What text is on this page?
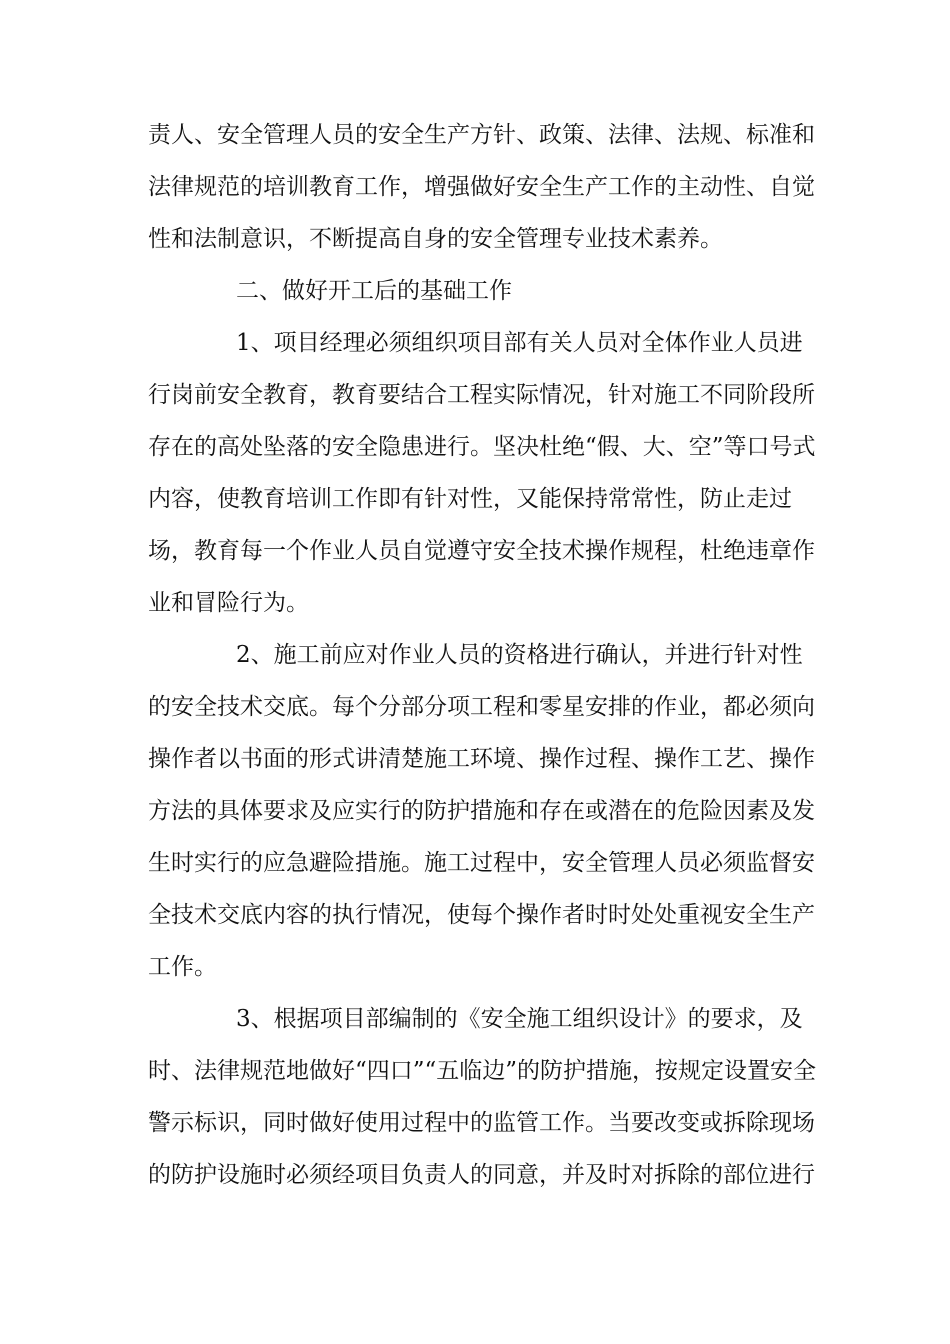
责人、安全管理人员的安全生产方针、政策、法律、法规、标准和
法律规范的培训教育工作，增强做好安全生产工作的主动性、自觉
性和法制意识，不断提高自身的安全管理专业技术素养。
二、做好开工后的基础工作
1、项目经理必须组织项目部有关人员对全体作业人员进
行岗前安全教育，教育要结合工程实际情况，针对施工不同阶段所
存在的高处坠落的安全隐患进行。坚决杜绝“假、大、空”等口号式
内容，使教育培训工作即有针对性，又能保持常常性，防止走过
场，教育每一个作业人员自觉遵守安全技术操作规程，杜绝违章作
业和冒险行为。
2、施工前应对作业人员的资格进行确认，并进行针对性
的安全技术交底。每个分部分项工程和零星安排的作业，都必须向
操作者以书面的形式讲清楚施工环境、操作过程、操作工艺、操作
方法的具体要求及应实行的防护措施和存在或潜在的危险因素及发
生时实行的应急避险措施。施工过程中，安全管理人员必须监督安
全技术交底内容的执行情况，使每个操作者时时处处重视安全生产
工作。
3、根据项目部编制的《安全施工组织设计》的要求，及
时、法律规范地做好“四口”“五临边”的防护措施，按规定设置安全
警示标识，同时做好使用过程中的监管工作。当要改变或拆除现场
的防护设施时必须经项目负责人的同意，并及时对拆除的部位进行
